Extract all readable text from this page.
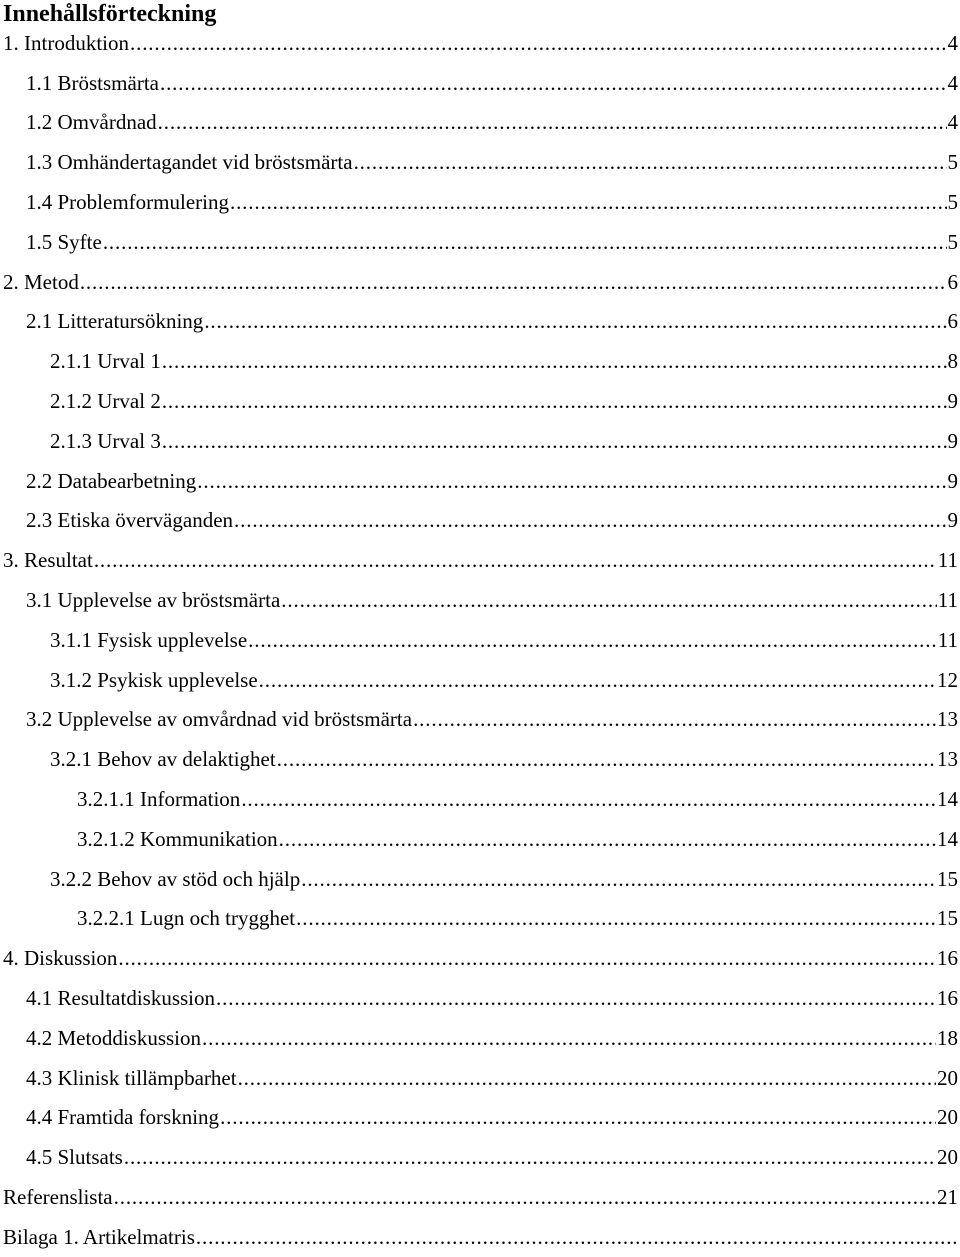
Innehållsförteckning
1. Introduktion . . .	4
1.1 Bröstsmärta . . .	4
1.2 Omvårdnad . . .	4
1.3 Omhändertagandet vid bröstsmärta . . .	5
1.4 Problemformulering . . .	5
1.5 Syfte . . .	5
2. Metod . . .	6
2.1 Litteratursökning . . .	6
2.1.1 Urval 1 . . .	8
2.1.2 Urval 2 . . .	9
2.1.3 Urval 3 . . .	9
2.2 Databearbetning . . .	9
2.3 Etiska överväganden . . .	9
3. Resultat . . .	11
3.1 Upplevelse av bröstsmärta . . .	11
3.1.1 Fysisk upplevelse . . .	11
3.1.2 Psykisk upplevelse . . .	12
3.2 Upplevelse av omvårdnad vid bröstsmärta . . .	13
3.2.1 Behov av delaktighet . . .	13
3.2.1.1 Information . . .	14
3.2.1.2 Kommunikation . . .	14
3.2.2 Behov av stöd och hjälp . . .	15
3.2.2.1 Lugn och trygghet . . .	15
4. Diskussion . . .	16
4.1 Resultatdiskussion . . .	16
4.2 Metoddiskussion . . .	18
4.3 Klinisk tillämpbarhet . . .	20
4.4 Framtida forskning . . .	20
4.5 Slutsats . . .	20
Referenslista . . .	21
Bilaga 1. Artikelmatris
. . .
